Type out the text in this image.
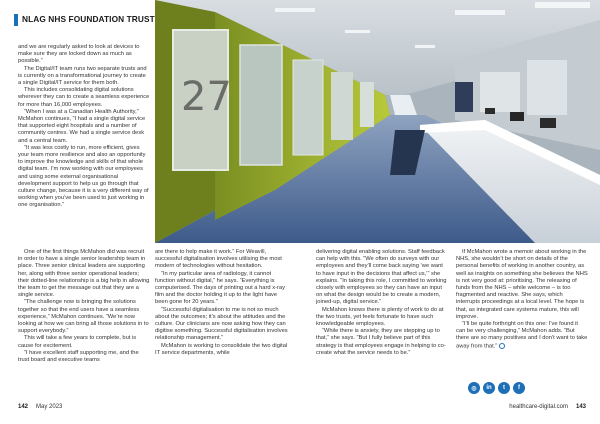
NLAG NHS FOUNDATION TRUST

and we are regularly asked to look at devices to make sure they are locked down as much as possible.”

The Digital/IT team runs two separate trusts and is currently on a transformational journey to create a single Digital/IT service for them both.

This includes consolidating digital solutions wherever they can to create a seamless experience for more than 16,000 employees.

“When I was at a Canadian Health Authority,” McMahon continues, “I had a single digital service that supported eight hospitals and a number of community centres. We had a single service desk and a central team.

“It was less costly to run, more efficient, gives your team more resilience and also an opportunity to improve the knowledge and skills of that whole digital team. I’m now working with our employees and using some external organisational development support to help us go through that culture change, because it is a very different way of working when you’ve been used to just working in one organisation.”

One of the first things McMahon did was recruit in order to have a single senior leadership team in place. Three senior clinical leaders are supporting her, along with three senior operational leaders; their dotted-line relationship is a big help in allowing the team to get the message out that they are a single service.

“The challenge now is bringing the solutions together so that the end users have a seamless experience,” McMahon continues. “We’re now looking at how we can bring all those solutions in to support everybody.”

This will take a few years to complete, but is cause for excitement.

“I have excellent staff supporting me, and the trust board and executive teams

142 May 2023
27

are there to help make it work.” For Weavill, successful digitalisation involves utilising the most modern of technologies without hesitation.

“In my particular area of radiology, it cannot function without digital,” he says. “Everything is computerised. The days of printing out a hard x-ray film and the doctor holding it up to the light have been gone for 20 years.”

“Successful digitalisation to me is not so much about the outcomes; it’s about the attitudes and the culture. Our clinicians are now asking how they can digitise something. Successful digitalisation involves relationship management.”

McMahon is working to consolidate the two digital IT service departments, while

delivering digital enabling solutions. Staff feedback can help with this. “We often do surveys with our employees and they’ll come back saying ‘we want to have input in the decisions that affect us,’” she explains. “In taking this role, I committed to working closely with employees so they can have an input on what the design would be to create a modern, joined-up, digital service.”

McMahon knows there is plenty of work to do at the two trusts, yet feels fortunate to have such knowledgeable employees.

“While there is anxiety, they are stepping up to that,” she says. “But I fully believe part of this strategy is that employees engage in helping to co-create what the service needs to be.”

If McMahon wrote a memoir about working in the NHS, she wouldn’t be short on details of the personal benefits of working in another country, as well as insights on something she believes the NHS is not very good at: prioritising. The releasing of funds from the NHS – while welcome – is too fragmented and reactive. She says, which interrupts proceedings at a local level. The hope is that, as integrated care systems mature, this will improve.

“I’ll be quite forthright on this one: I’ve found it can be very challenging,” McMahon adds. “But there are so many positives and I don’t want to take away from that.”

◎	in	t	f
healthcare-digital.com 143
